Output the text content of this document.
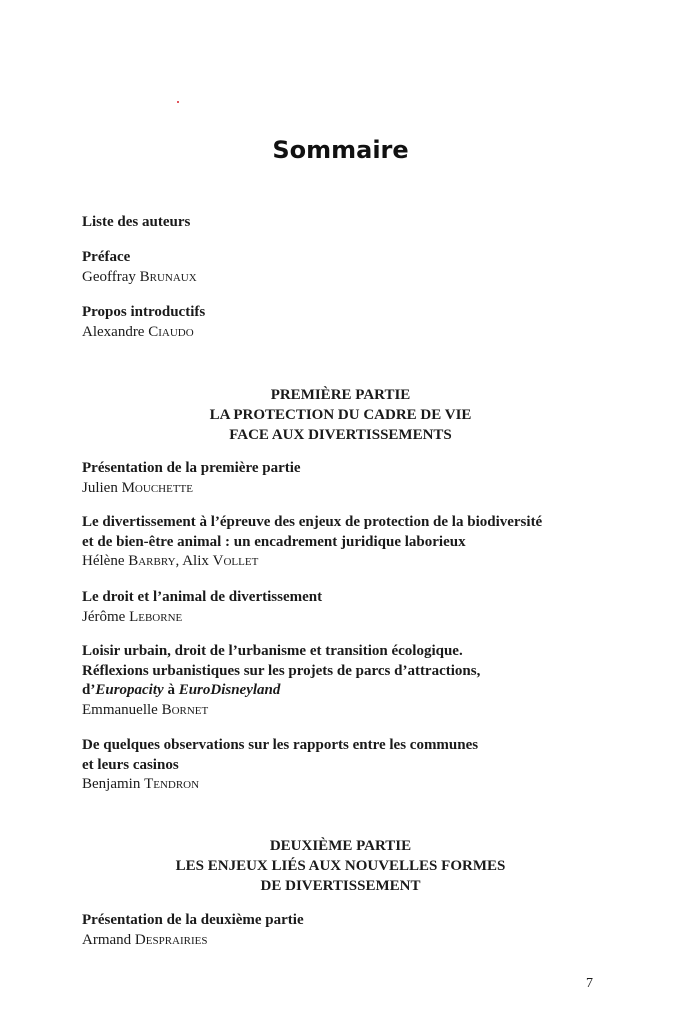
Sommaire
Liste des auteurs
Préface
Geoffray Brunaux
Propos introductifs
Alexandre Ciaudo
PREMIÈRE PARTIE
LA PROTECTION DU CADRE DE VIE
FACE AUX DIVERTISSEMENTS
Présentation de la première partie
Julien Mouchette
Le divertissement à l’épreuve des enjeux de protection de la biodiversité
et de bien-être animal : un encadrement juridique laborieux
Hélène Barbry, Alix Vollet
Le droit et l’animal de divertissement
Jérôme Leborne
Loisir urbain, droit de l’urbanisme et transition écologique.
Réflexions urbanistiques sur les projets de parcs d’attractions,
d’Europacity à EuroDisneyland
Emmanuelle Bornet
De quelques observations sur les rapports entre les communes
et leurs casinos
Benjamin Tendron
DEUXIÈME PARTIE
LES ENJEUX LIÉS AUX NOUVELLES FORMES
DE DIVERTISSEMENT
Présentation de la deuxième partie
Armand Desprairies
7
